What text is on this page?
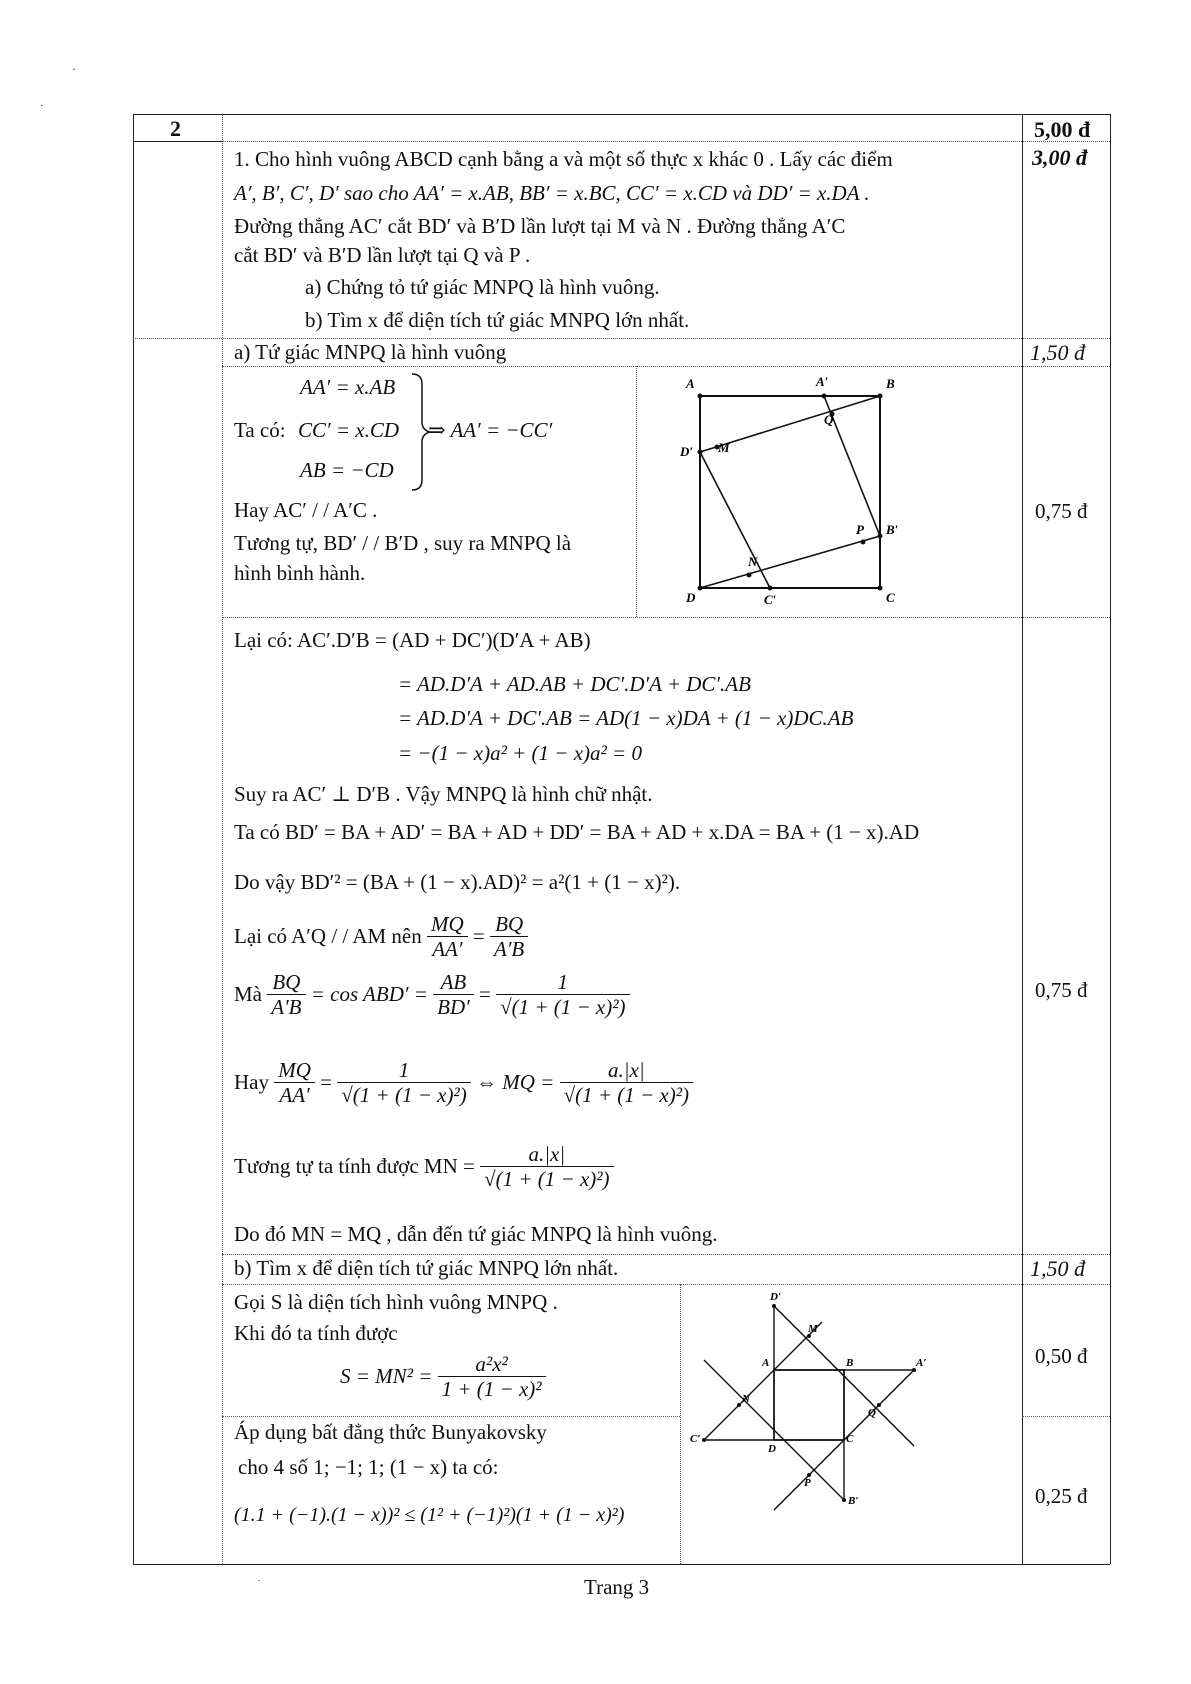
·
·
2	5,00 đ
1. Cho hình vuông ABCD cạnh bằng a và một số thực x khác 0 . Lấy các điểm
A′, B′, C′, D′ sao cho AA′ = x.AB, BB′ = x.BC, CC′ = x.CD và DD′ = x.DA .
Đường thẳng AC′ cắt BD′ và B′D lần lượt tại M và N . Đường thẳng A′C
cắt BD′ và B′D lần lượt tại Q và P .
a) Chứng tỏ tứ giác MNPQ là hình vuông.
b) Tìm x để diện tích tứ giác MNPQ lớn nhất.
3,00 đ
a) Tứ giác MNPQ là hình vuông	1,50 đ
AA′ = x.AB
Ta có: CC′ = x.CD
AB = −CD
⇒ AA′ = −CC′
Hay AC′ / / A′C .
Tương tự, BD′ / / B′D , suy ra MNPQ là
hình bình hành.
0,75 đ
A	A′	B
Q
D′ M
P B′
N
D	C′	C
Lại có: AC′.D′B = (AD + DC′)(D′A + AB)
= AD.D′A + AD.AB + DC′.D′A + DC′.AB
= AD.D′A + DC′.AB = AD(1 − x)DA + (1 − x)DC.AB
= −(1 − x)a² + (1 − x)a² = 0
Suy ra AC′ ⊥ D′B . Vậy MNPQ là hình chữ nhật.
Ta có BD′ = BA + AD′ = BA + AD + DD′ = BA + AD + x.DA = BA + (1 − x).AD
Do vậy BD′² = (BA + (1 − x).AD)² = a²(1 + (1 − x)²).
Lại có A′Q / / AM nên $\frac{MQ}{AA'} = \frac{BQ}{A'B}$
Mà $\frac{BQ}{A'B} = \cos ABD' = \frac{AB}{BD'} = \frac{1}{\text{√(1 + (1 − x)²)}}$
Hay $\frac{MQ}{AA'} = \frac{1}{\text{√(1 + (1 − x)²)}}$ ⇔ MQ = $\frac{a.|x|}{\text{√(1 + (1 − x)²)}}$
Tương tự ta tính được MN = $\frac{a.|x|}{\text{√(1 + (1 − x)²)}}$
Do đó MN = MQ , dẫn đến tứ giác MNPQ là hình vuông.
0,75 đ
b) Tìm x để diện tích tứ giác MNPQ lớn nhất.	1,50 đ
Gọi S là diện tích hình vuông MNPQ .
Khi đó ta tính được
$S = MN^2 = \frac{\text{a²x²}}{\text{1 + (1 − x)²}}$	0,50 đ
Áp dụng bất đẳng thức Bunyakovsky
cho 4 số 1; −1; 1; (1 − x) ta có:
(1.1 + (−1).(1 − x))² ≤ (1² + (−1)²)(1 + (1 − x)²)
0,25 đ
D′
M
A	B	A′
N
Q
C′
D
C
P
B′
Trang 3
